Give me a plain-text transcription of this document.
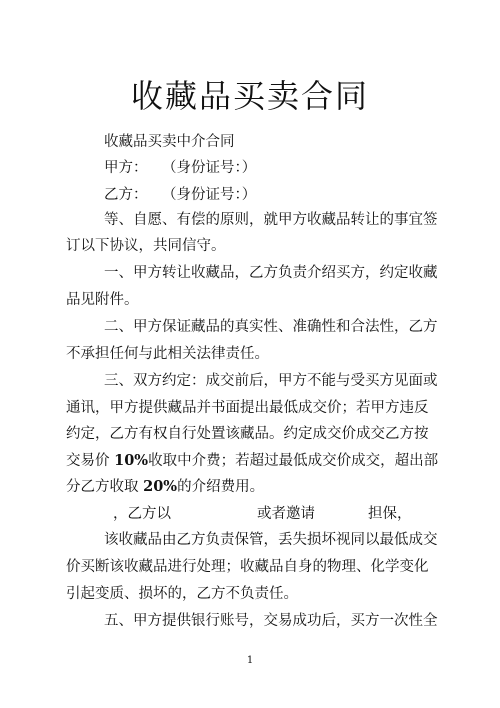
收藏品买卖合同

收藏品买卖中介合同

甲方：　　（身份证号：）

乙方：　　（身份证号：）

等、自愿、有偿的原则，就甲方收藏品转让的事宜签

订以下协议，共同信守。

一、甲方转让收藏品，乙方负责介绍买方，约定收藏

品见附件。

二、甲方保证藏品的真实性、准确性和合法性，乙方

不承担任何与此相关法律责任。

三、双方约定：成交前后，甲方不能与受买方见面或

通讯，甲方提供藏品并书面提出最低成交价；若甲方违反

约定，乙方有权自行处置该藏品。约定成交价成交乙方按

交易价 10%收取中介费；若超过最低成交价成交，超出部

分乙方收取 20%的介绍费用。

，乙方以	或者邀请	担保，

该收藏品由乙方负责保管，丢失损坏视同以最低成交

价买断该收藏品进行处理；收藏品自身的物理、化学变化

引起变质、损坏的，乙方不负责任。

五、甲方提供银行账号，交易成功后，买方一次性全

1
